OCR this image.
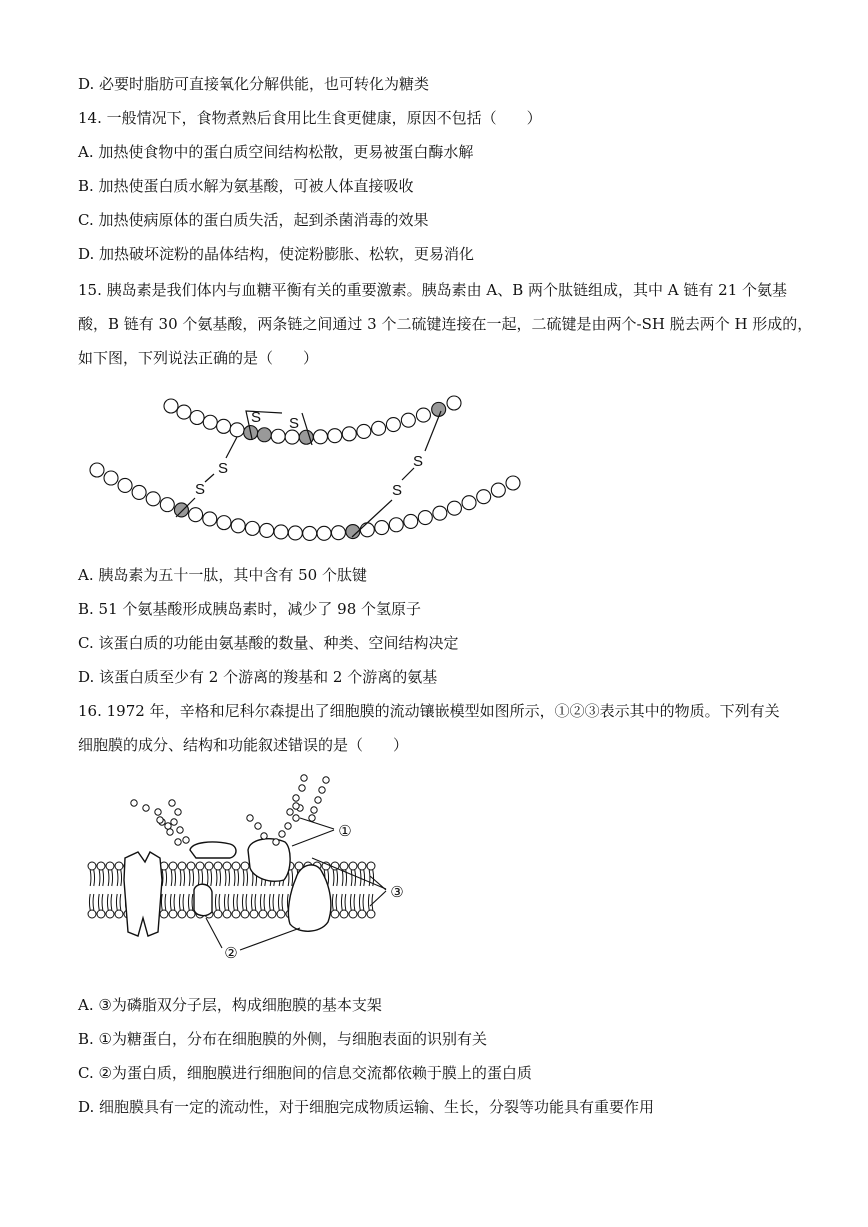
D. 必要时脂肪可直接氧化分解供能，也可转化为糖类
14. 一般情况下，食物煮熟后食用比生食更健康，原因不包括（　　）
A. 加热使食物中的蛋白质空间结构松散，更易被蛋白酶水解
B. 加热使蛋白质水解为氨基酸，可被人体直接吸收
C. 加热使病原体的蛋白质失活，起到杀菌消毒的效果
D. 加热破坏淀粉的晶体结构，使淀粉膨胀、松软，更易消化
15. 胰岛素是我们体内与血糖平衡有关的重要激素。胰岛素由 A、B 两个肽链组成，其中 A 链有 21 个氨基
酸，B 链有 30 个氨基酸，两条链之间通过 3 个二硫键连接在一起，二硫键是由两个-SH 脱去两个 H 形成的，
如下图，下列说法正确的是（　　）
S S
S
S
S
S
A. 胰岛素为五十一肽，其中含有 50 个肽键
B. 51 个氨基酸形成胰岛素时，减少了 98 个氢原子
C. 该蛋白质的功能由氨基酸的数量、种类、空间结构决定
D. 该蛋白质至少有 2 个游离的羧基和 2 个游离的氨基
16. 1972 年，辛格和尼科尔森提出了细胞膜的流动镶嵌模型如图所示，①②③表示其中的物质。下列有关
细胞膜的成分、结构和功能叙述错误的是（　　）
①
③
②
A. ③为磷脂双分子层，构成细胞膜的基本支架
B. ①为糖蛋白，分布在细胞膜的外侧，与细胞表面的识别有关
C. ②为蛋白质，细胞膜进行细胞间的信息交流都依赖于膜上的蛋白质
D. 细胞膜具有一定的流动性，对于细胞完成物质运输、生长，分裂等功能具有重要作用
